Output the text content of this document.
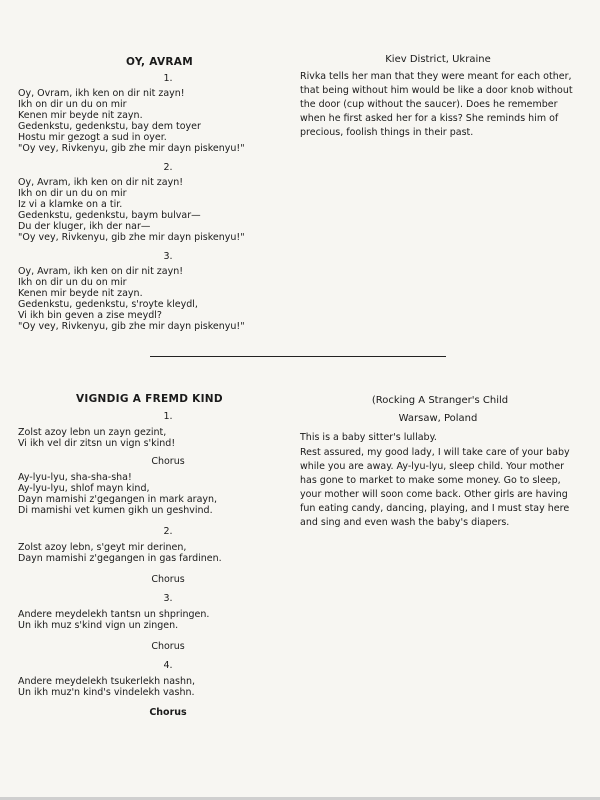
OY, AVRAM
1.
Oy, Ovram, ikh ken on dir nit zayn!
Ikh on dir un du on mir
Kenen mir beyde nit zayn.
Gedenkstu, gedenkstu, bay dem toyer
Hostu mir gezogt a sud in oyer.
"Oy vey, Rivkenyu, gib zhe mir dayn piskenyu!"
2.
Oy, Avram, ikh ken on dir nit zayn!
Ikh on dir un du on mir
Iz vi a klamke on a tir.
Gedenkstu, gedenkstu, baym bulvar—
Du der kluger, ikh der nar—
"Oy vey, Rivkenyu, gib zhe mir dayn piskenyu!"
3.
Oy, Avram, ikh ken on dir nit zayn!
Ikh on dir un du on mir
Kenen mir beyde nit zayn.
Gedenkstu, gedenkstu, s'royte kleydl,
Vi ikh bin geven a zise meydl?
"Oy vey, Rivkenyu, gib zhe mir dayn piskenyu!"
Kiev District, Ukraine
Rivka tells her man that they were meant for each other, that being without him would be like a door knob without the door (cup without the saucer). Does he remember when he first asked her for a kiss? She reminds him of precious, foolish things in their past.
VIGNDIG A FREMD KIND
1.
Zolst azoy lebn un zayn gezint,
Vi ikh vel dir zitsn un vign s'kind!
Chorus
Ay-lyu-lyu, sha-sha-sha!
Ay-lyu-lyu, shlof mayn kind,
Dayn mamishi z'gegangen in mark arayn,
Di mamishi vet kumen gikh un geshvind.
2.
Zolst azoy lebn, s'geyt mir derinen,
Dayn mamishi z'gegangen in gas fardinen.
Chorus
3.
Andere meydelekh tantsn un shpringen.
Un ikh muz s'kind vign un zingen.
Chorus
4.
Andere meydelekh tsukerlekh nashn,
Un ikh muz'n kind's vindelekh vashn.
Chorus
(Rocking A Stranger's Child
Warsaw, Poland
This is a baby sitter's lullaby.
Rest assured, my good lady, I will take care of your baby while you are away. Ay-lyu-lyu, sleep child. Your mother has gone to market to make some money. Go to sleep, your mother will soon come back. Other girls are having fun eating candy, dancing, playing, and I must stay here and sing and even wash the baby's diapers.
